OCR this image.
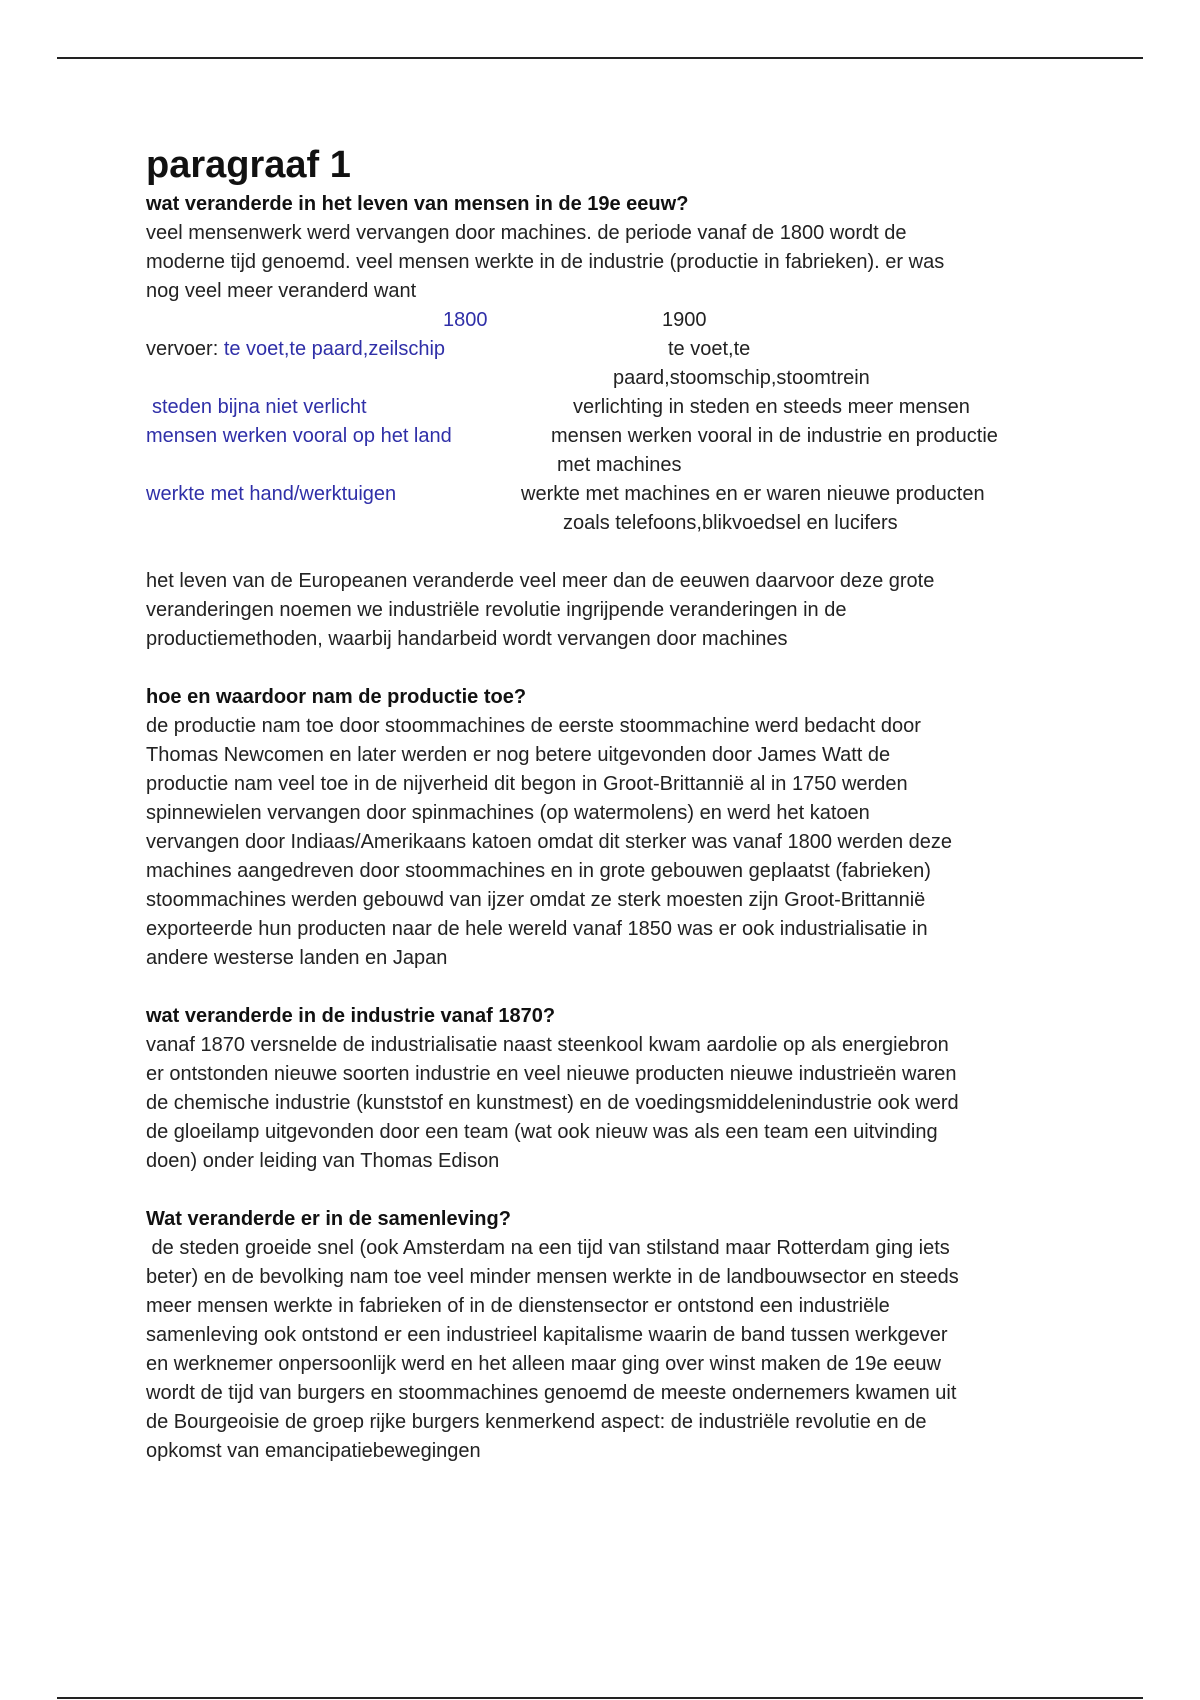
paragraaf 1
wat veranderde in het leven van mensen in de 19e eeuw?

veel mensenwerk werd vervangen door machines. de periode vanaf de 1800 wordt de

moderne tijd genoemd. veel mensen werkte in de industrie (productie in fabrieken). er was

nog veel meer veranderd want

1800	1900
vervoer: te voet,te paard,zeilschip	te voet,te
paard,stoomschip,stoomtrein
steden bijna niet verlicht	verlichting in steden en steeds meer mensen
mensen werken vooral op het land	mensen werken vooral in de industrie en productie
met machines
werkte met hand/werktuigen	werkte met machines en er waren nieuwe producten
zoals telefoons,blikvoedsel en lucifers

het leven van de Europeanen veranderde veel meer dan de eeuwen daarvoor deze grote

veranderingen noemen we industriële revolutie ingrijpende veranderingen in de

productiemethoden, waarbij handarbeid wordt vervangen door machines

hoe en waardoor nam de productie toe?

de productie nam toe door stoommachines de eerste stoommachine werd bedacht door

Thomas Newcomen en later werden er nog betere uitgevonden door James Watt de

productie nam veel toe in de nijverheid dit begon in Groot-Brittannië al in 1750 werden

spinnewielen vervangen door spinmachines (op watermolens) en werd het katoen

vervangen door Indiaas/Amerikaans katoen omdat dit sterker was vanaf 1800 werden deze

machines aangedreven door stoommachines en in grote gebouwen geplaatst (fabrieken)

stoommachines werden gebouwd van ijzer omdat ze sterk moesten zijn Groot-Brittannië

exporteerde hun producten naar de hele wereld vanaf 1850 was er ook industrialisatie in

andere westerse landen en Japan

wat veranderde in de industrie vanaf 1870?

vanaf 1870 versnelde de industrialisatie naast steenkool kwam aardolie op als energiebron

er ontstonden nieuwe soorten industrie en veel nieuwe producten nieuwe industrieën waren

de chemische industrie (kunststof en kunstmest) en de voedingsmiddelenindustrie ook werd

de gloeilamp uitgevonden door een team (wat ook nieuw was als een team een uitvinding

doen) onder leiding van Thomas Edison

Wat veranderde er in de samenleving?

de steden groeide snel (ook Amsterdam na een tijd van stilstand maar Rotterdam ging iets

beter) en de bevolking nam toe veel minder mensen werkte in de landbouwsector en steeds

meer mensen werkte in fabrieken of in de dienstensector er ontstond een industriële

samenleving ook ontstond er een industrieel kapitalisme waarin de band tussen werkgever

en werknemer onpersoonlijk werd en het alleen maar ging over winst maken de 19e eeuw

wordt de tijd van burgers en stoommachines genoemd de meeste ondernemers kwamen uit

de Bourgeoisie de groep rijke burgers kenmerkend aspect: de industriële revolutie en de

opkomst van emancipatiebewegingen
